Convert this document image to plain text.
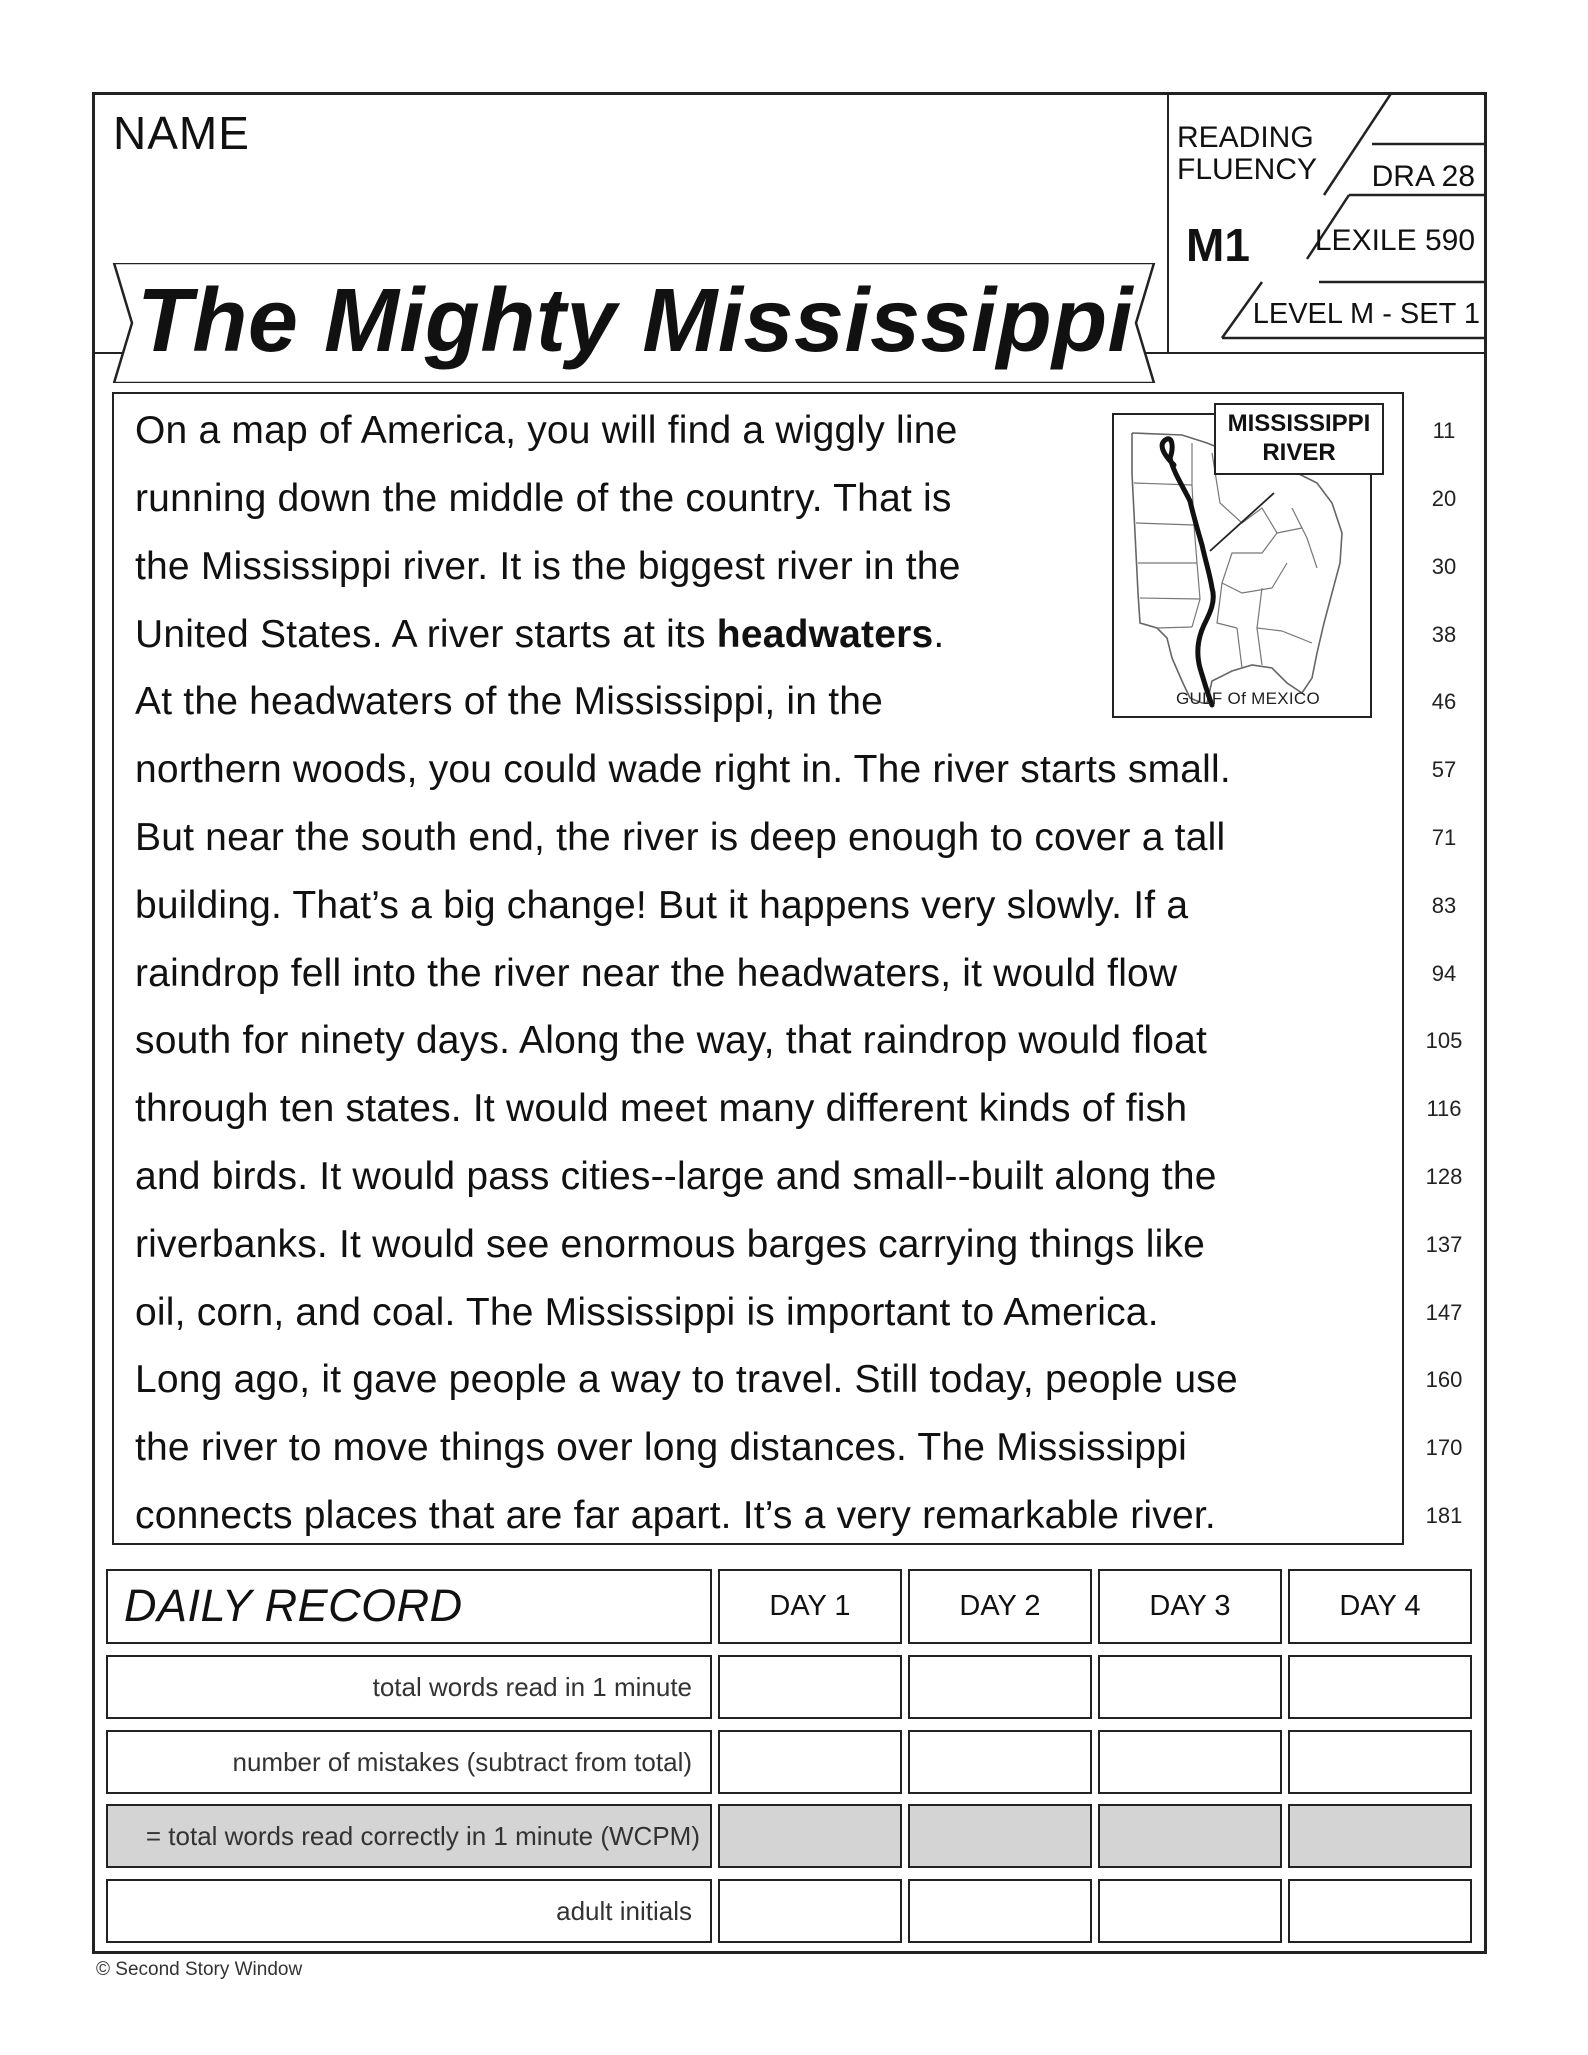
NAME
The Mighty Mississippi
READING
FLUENCY
M1
DRA 28
LEXILE 590
LEVEL M - SET 1
On a map of America, you will find a wiggly line
running down the middle of the country. That is
the Mississippi river. It is the biggest river in the
United States. A river starts at its headwaters.
At the headwaters of the Mississippi, in the
northern woods, you could wade right in. The river starts small.
But near the south end, the river is deep enough to cover a tall
building. That’s a big change! But it happens very slowly. If a
raindrop fell into the river near the headwaters, it would flow
south for ninety days. Along the way, that raindrop would float
through ten states. It would meet many different kinds of fish
and birds. It would pass cities--large and small--built along the
riverbanks. It would see enormous barges carrying things like
oil, corn, and coal. The Mississippi is important to America.
Long ago, it gave people a way to travel. Still today, people use
the river to move things over long distances. The Mississippi
connects places that are far apart. It’s a very remarkable river.
11
20
30
38
46
57
71
83
94
105
116
128
137
147
160
170
181
MISSISSIPPI
RIVER
GULF Of MEXICO
DAILY RECORD	DAY 1	DAY 2	DAY 3	DAY 4
total words read in 1 minute
number of mistakes (subtract from total)
= total words read correctly in 1 minute (WCPM)
adult initials
© Second Story Window
